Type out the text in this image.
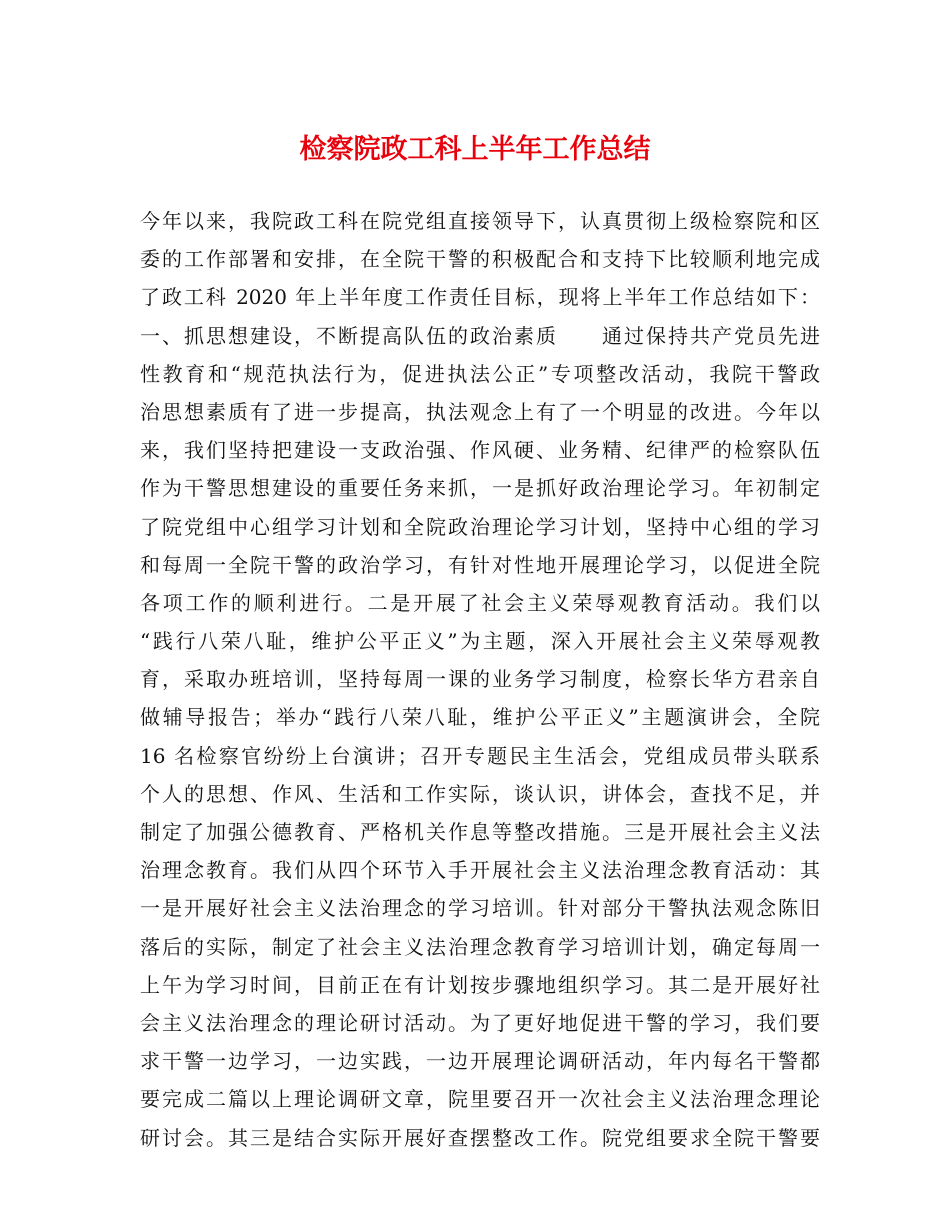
检察院政工科上半年工作总结
今年以来，我院政工科在院党组直接领导下，认真贯彻上级检察院和区
委的工作部署和安排，在全院干警的积极配合和支持下比较顺利地完成
了政工科 2020 年上半年度工作责任目标，现将上半年工作总结如下：
一、抓思想建设，不断提高队伍的政治素质　　通过保持共产党员先进
性教育和“规范执法行为，促进执法公正”专项整改活动，我院干警政
治思想素质有了进一步提高，执法观念上有了一个明显的改进。今年以
来，我们坚持把建设一支政治强、作风硬、业务精、纪律严的检察队伍
作为干警思想建设的重要任务来抓，一是抓好政治理论学习。年初制定
了院党组中心组学习计划和全院政治理论学习计划，坚持中心组的学习
和每周一全院干警的政治学习，有针对性地开展理论学习，以促进全院
各项工作的顺利进行。二是开展了社会主义荣辱观教育活动。我们以
“践行八荣八耻，维护公平正义”为主题，深入开展社会主义荣辱观教
育，采取办班培训，坚持每周一课的业务学习制度，检察长华方君亲自
做辅导报告；举办“践行八荣八耻，维护公平正义”主题演讲会，全院
16 名检察官纷纷上台演讲；召开专题民主生活会，党组成员带头联系
个人的思想、作风、生活和工作实际，谈认识，讲体会，查找不足，并
制定了加强公德教育、严格机关作息等整改措施。三是开展社会主义法
治理念教育。我们从四个环节入手开展社会主义法治理念教育活动：其
一是开展好社会主义法治理念的学习培训。针对部分干警执法观念陈旧
落后的实际，制定了社会主义法治理念教育学习培训计划，确定每周一
上午为学习时间，目前正在有计划按步骤地组织学习。其二是开展好社
会主义法治理念的理论研讨活动。为了更好地促进干警的学习，我们要
求干警一边学习，一边实践，一边开展理论调研活动，年内每名干警都
要完成二篇以上理论调研文章，院里要召开一次社会主义法治理念理论
研讨会。其三是结合实际开展好查摆整改工作。院党组要求全院干警要
